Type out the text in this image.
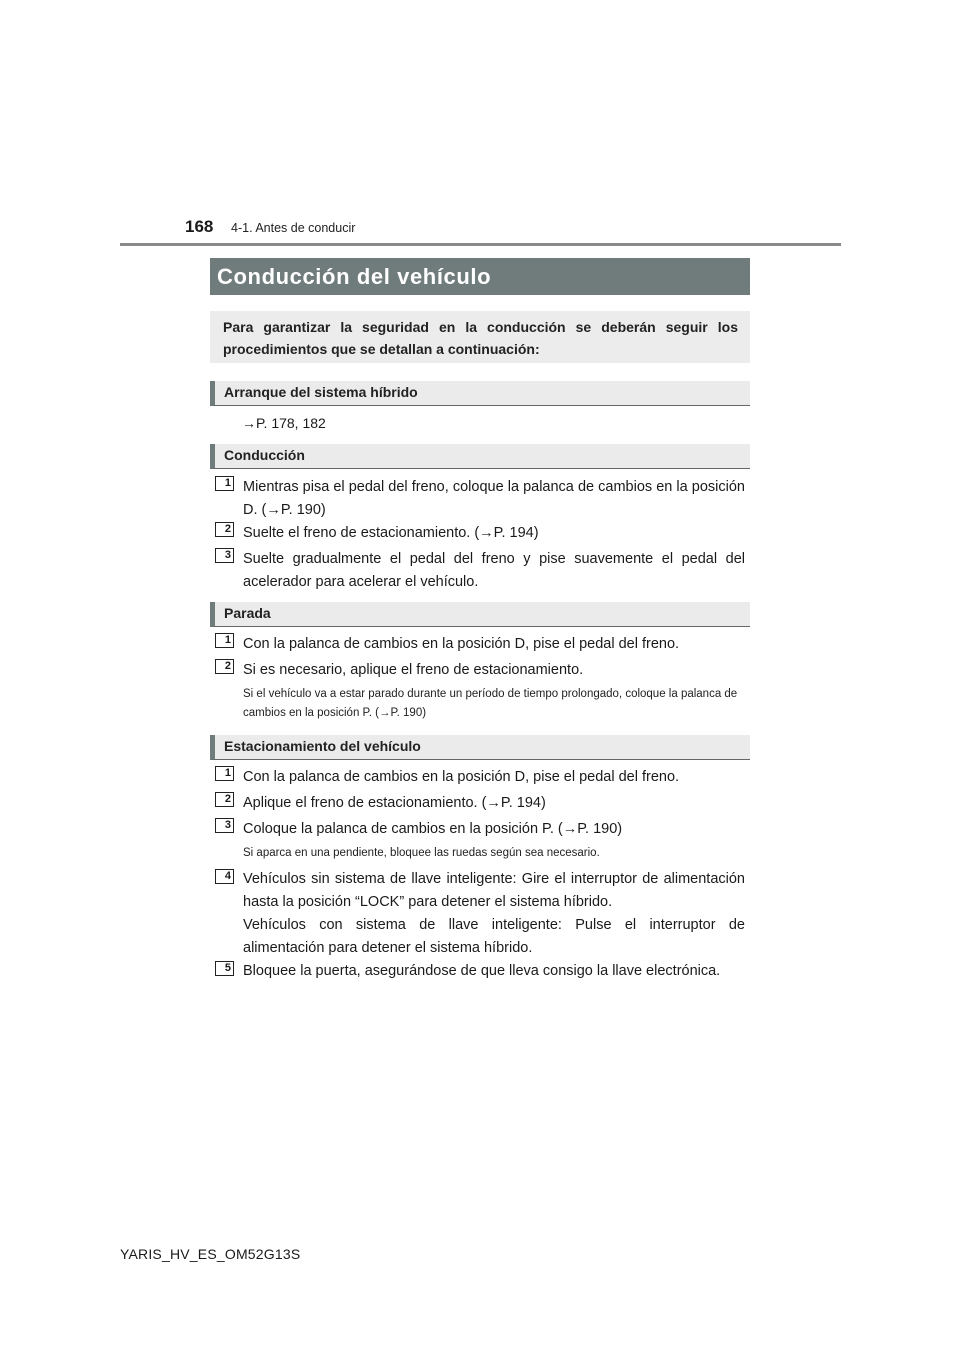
168 4-1. Antes de conducir
Conducción del vehículo
Para garantizar la seguridad en la conducción se deberán seguir los procedimientos que se detallan a continuación:
Arranque del sistema híbrido
→P. 178, 182
Conducción
1 Mientras pisa el pedal del freno, coloque la palanca de cambios en la posición D. (→P. 190)
2 Suelte el freno de estacionamiento. (→P. 194)
3 Suelte gradualmente el pedal del freno y pise suavemente el pedal del acelerador para acelerar el vehículo.
Parada
1 Con la palanca de cambios en la posición D, pise el pedal del freno.
2 Si es necesario, aplique el freno de estacionamiento.
Si el vehículo va a estar parado durante un período de tiempo prolongado, coloque la palanca de cambios en la posición P. (→P. 190)
Estacionamiento del vehículo
1 Con la palanca de cambios en la posición D, pise el pedal del freno.
2 Aplique el freno de estacionamiento. (→P. 194)
3 Coloque la palanca de cambios en la posición P. (→P. 190)
Si aparca en una pendiente, bloquee las ruedas según sea necesario.
4 Vehículos sin sistema de llave inteligente: Gire el interruptor de alimentación hasta la posición “LOCK” para detener el sistema híbrido.
Vehículos con sistema de llave inteligente: Pulse el interruptor de alimentación para detener el sistema híbrido.
5 Bloquee la puerta, asegurándose de que lleva consigo la llave electrónica.
YARIS_HV_ES_OM52G13S
